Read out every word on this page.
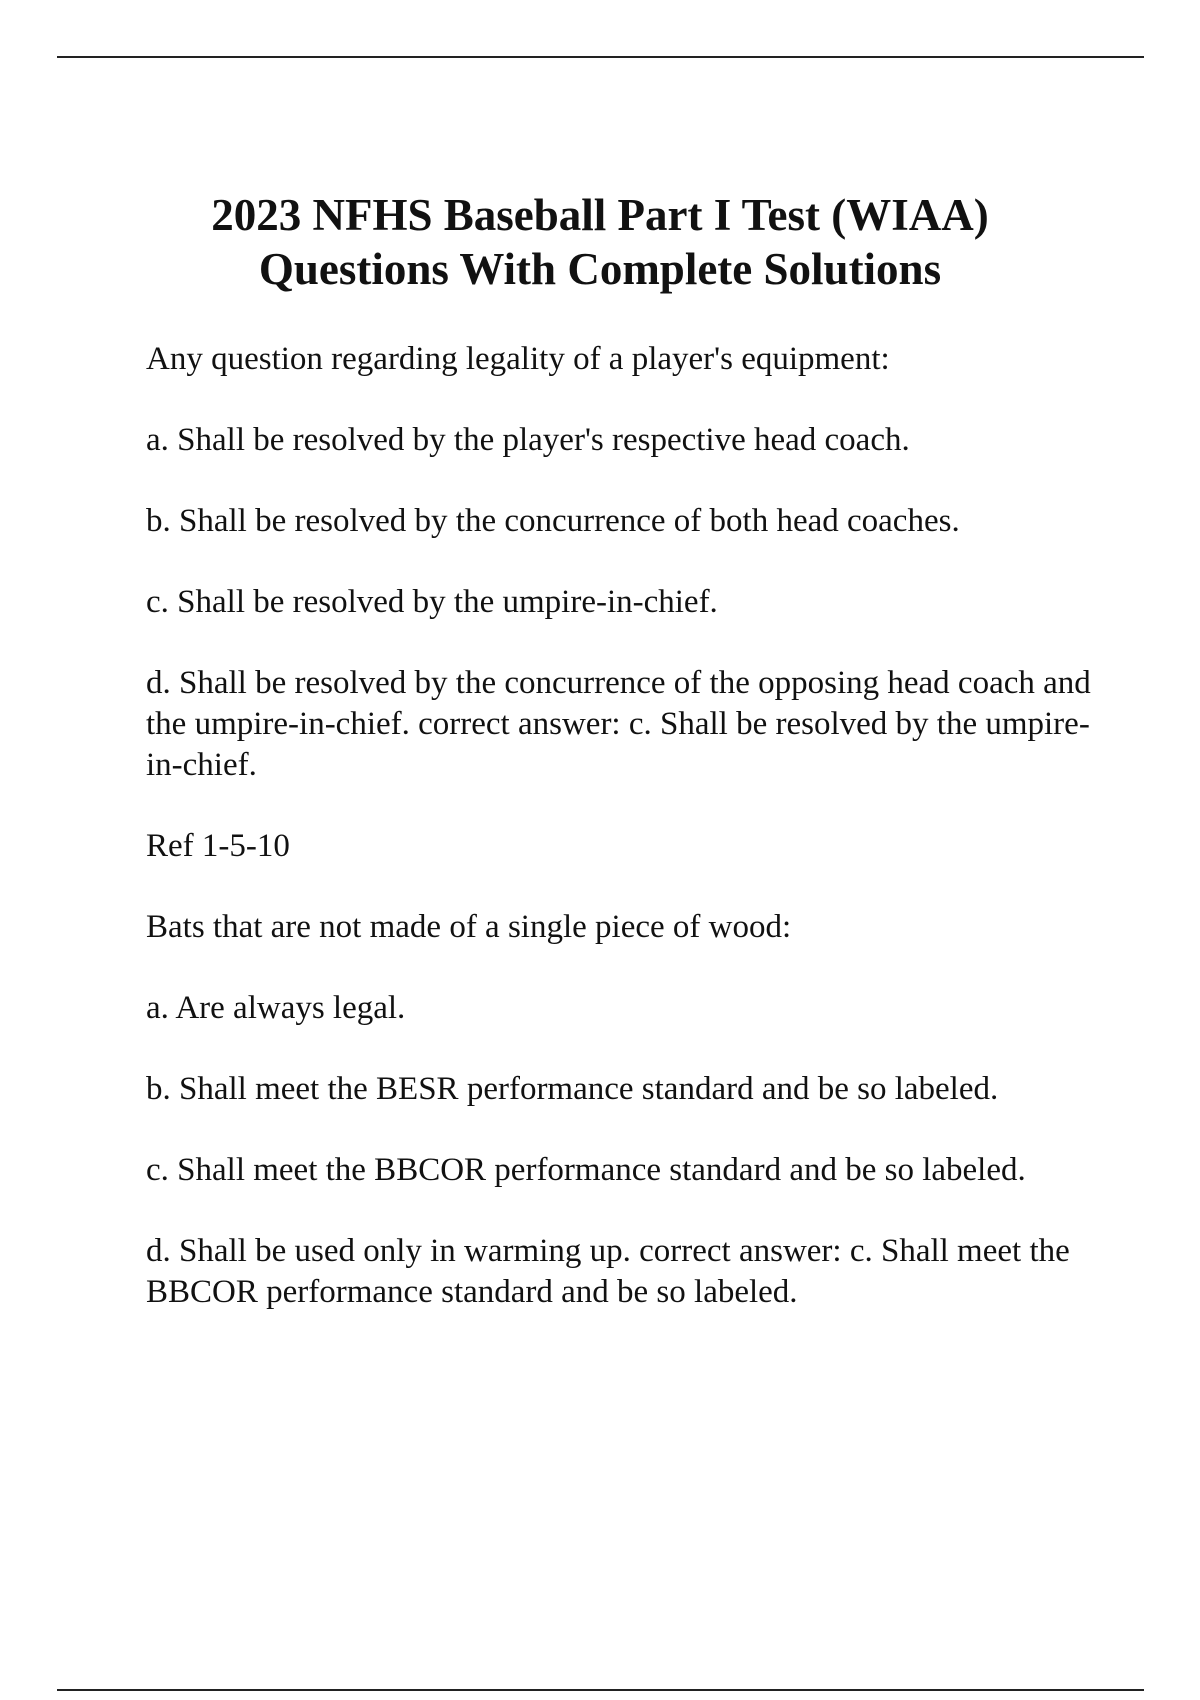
2023 NFHS Baseball Part I Test (WIAA)
Questions With Complete Solutions

Any question regarding legality of a player's equipment:

a. Shall be resolved by the player's respective head coach.

b. Shall be resolved by the concurrence of both head coaches.

c. Shall be resolved by the umpire-in-chief.

d. Shall be resolved by the concurrence of the opposing head coach and the umpire-in-chief. correct answer: c. Shall be resolved by the umpire-in-chief.

Ref 1-5-10

Bats that are not made of a single piece of wood:

a. Are always legal.

b. Shall meet the BESR performance standard and be so labeled.

c. Shall meet the BBCOR performance standard and be so labeled.

d. Shall be used only in warming up. correct answer: c. Shall meet the BBCOR performance standard and be so labeled.
